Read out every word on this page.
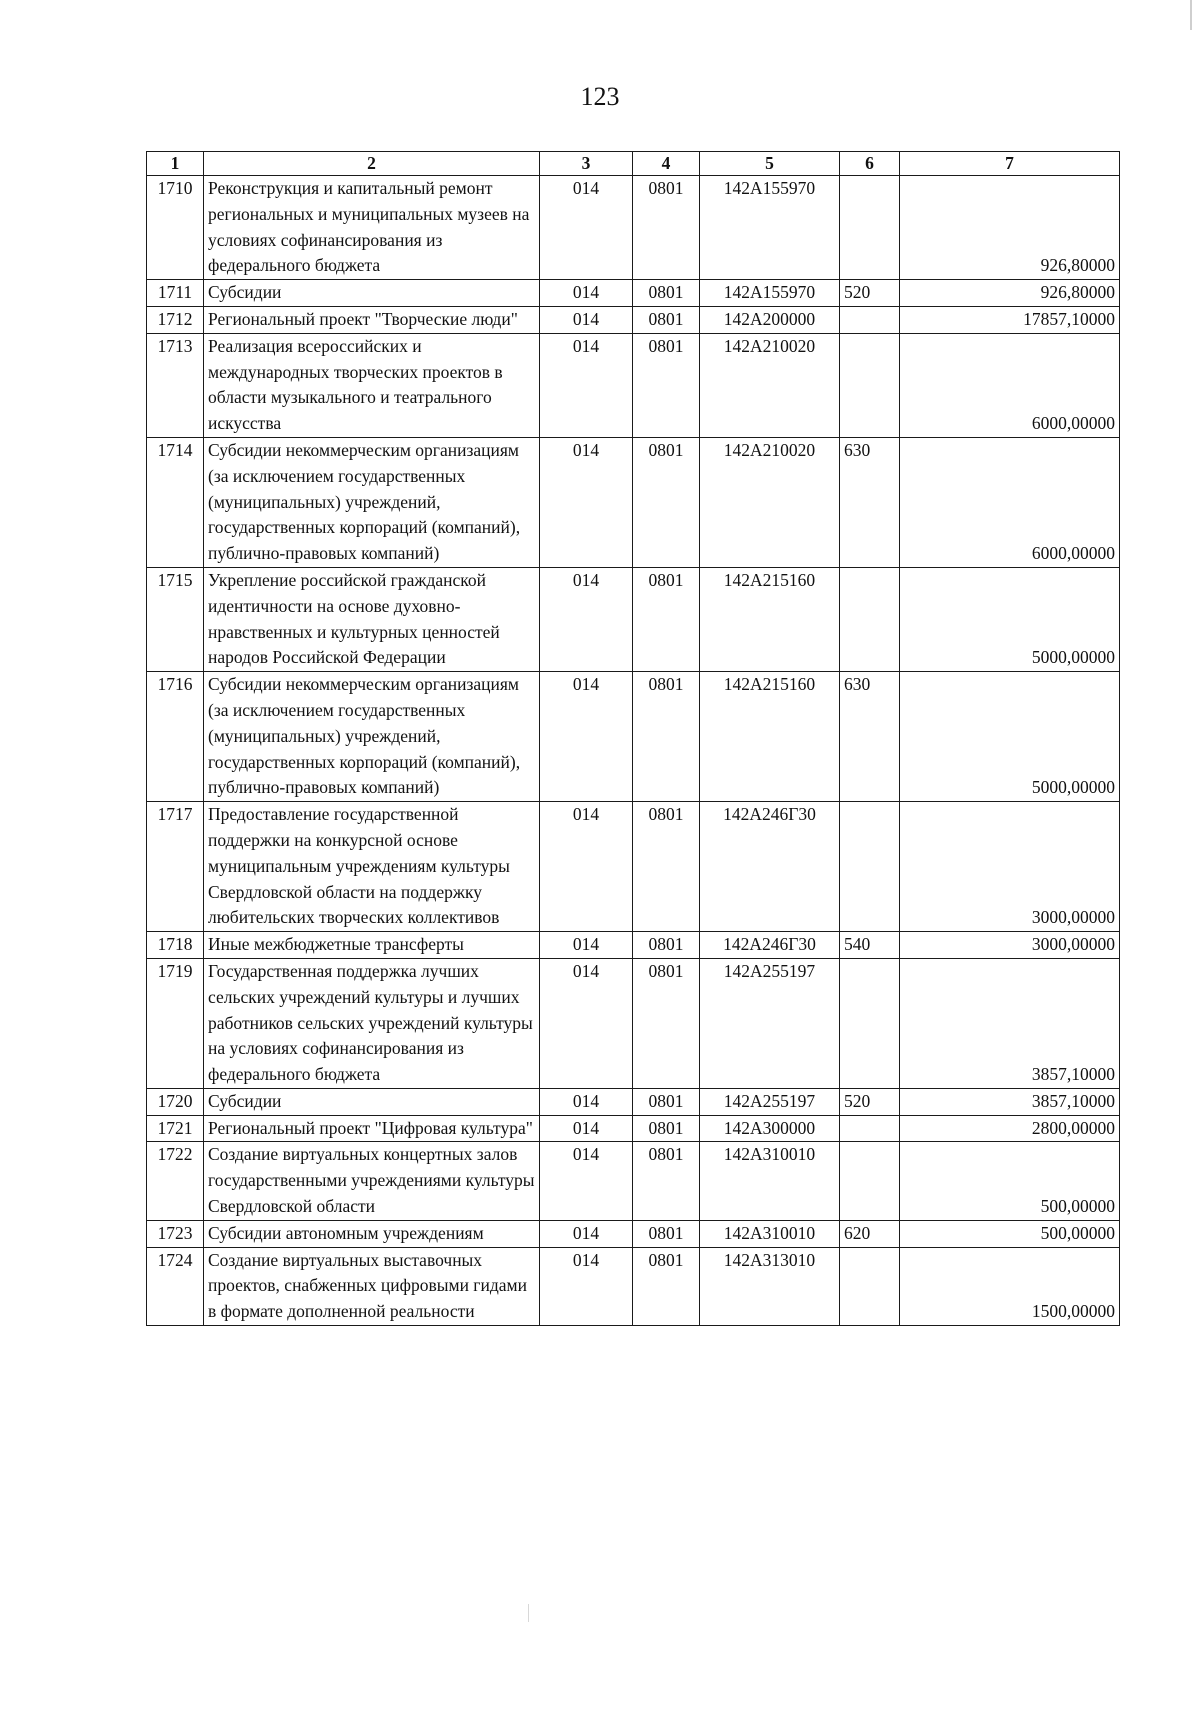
123
1	2	3	4	5	6	7
1710	Реконструкция и капитальный ремонт региональных и муниципальных музеев на условиях софинансирования из федерального бюджета	014	0801	142A155970		926,80000
1711	Субсидии	014	0801	142A155970	520	926,80000
1712	Региональный проект "Творческие люди"	014	0801	142A200000		17857,10000
1713	Реализация всероссийских и международных творческих проектов в области музыкального и театрального искусства	014	0801	142A210020		6000,00000
1714	Субсидии некоммерческим организациям (за исключением государственных (муниципальных) учреждений, государственных корпораций (компаний), публично-правовых компаний)	014	0801	142A210020	630	6000,00000
1715	Укрепление российской гражданской идентичности на основе духовно-нравственных и культурных ценностей народов Российской Федерации	014	0801	142A215160		5000,00000
1716	Субсидии некоммерческим организациям (за исключением государственных (муниципальных) учреждений, государственных корпораций (компаний), публично-правовых компаний)	014	0801	142A215160	630	5000,00000
1717	Предоставление государственной поддержки на конкурсной основе муниципальным учреждениям культуры Свердловской области на поддержку любительских творческих коллективов	014	0801	142A246Г30		3000,00000
1718	Иные межбюджетные трансферты	014	0801	142A246Г30	540	3000,00000
1719	Государственная поддержка лучших сельских учреждений культуры и лучших работников сельских учреждений культуры на условиях софинансирования из федерального бюджета	014	0801	142A255197		3857,10000
1720	Субсидии	014	0801	142A255197	520	3857,10000
1721	Региональный проект "Цифровая культура"	014	0801	142A300000		2800,00000
1722	Создание виртуальных концертных залов государственными учреждениями культуры Свердловской области	014	0801	142A310010		500,00000
1723	Субсидии автономным учреждениям	014	0801	142A310010	620	500,00000
1724	Создание виртуальных выставочных проектов, снабженных цифровыми гидами в формате дополненной реальности	014	0801	142A313010		1500,00000
